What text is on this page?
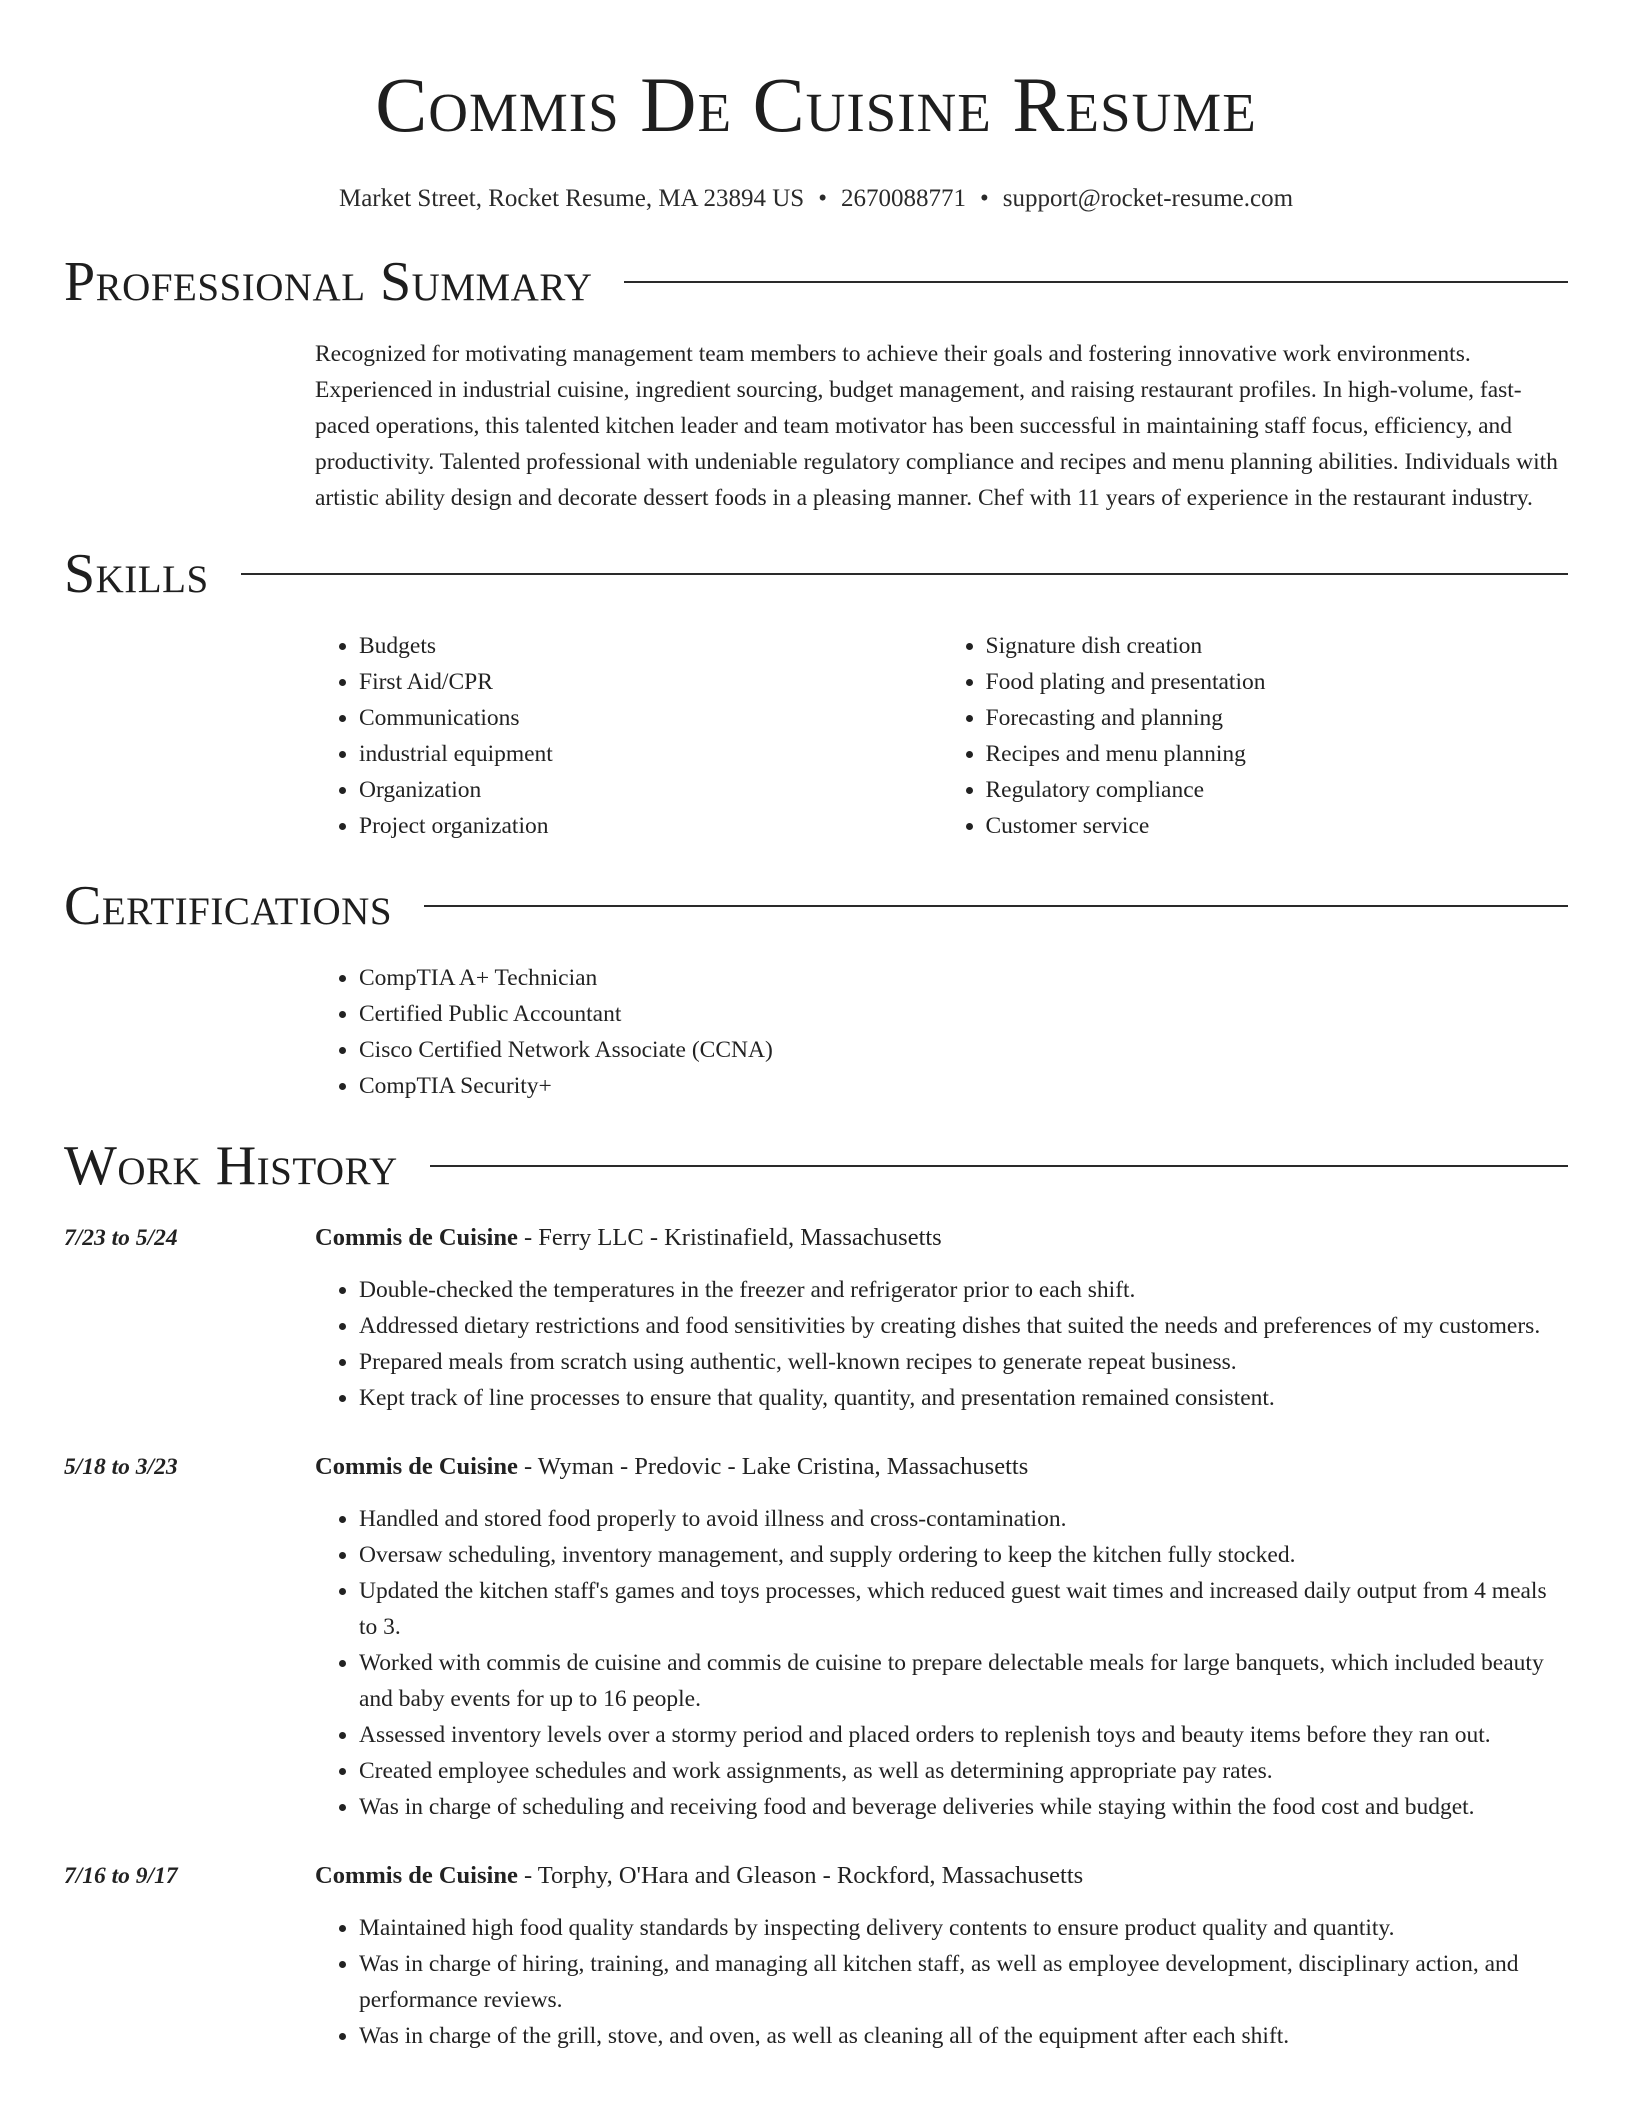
Commis De Cuisine Resume
Market Street, Rocket Resume, MA 23894 US • 2670088771 • support@rocket-resume.com
Professional Summary
Recognized for motivating management team members to achieve their goals and fostering innovative work environments. Experienced in industrial cuisine, ingredient sourcing, budget management, and raising restaurant profiles. In high-volume, fast-paced operations, this talented kitchen leader and team motivator has been successful in maintaining staff focus, efficiency, and productivity. Talented professional with undeniable regulatory compliance and recipes and menu planning abilities. Individuals with artistic ability design and decorate dessert foods in a pleasing manner. Chef with 11 years of experience in the restaurant industry.
Skills
• Budgets
• First Aid/CPR
• Communications
• industrial equipment
• Organization
• Project organization
• Signature dish creation
• Food plating and presentation
• Forecasting and planning
• Recipes and menu planning
• Regulatory compliance
• Customer service
Certifications
• CompTIA A+ Technician
• Certified Public Accountant
• Cisco Certified Network Associate (CCNA)
• CompTIA Security+
Work History
7/23 to 5/24	Commis de Cuisine - Ferry LLC - Kristinafield, Massachusetts
• Double-checked the temperatures in the freezer and refrigerator prior to each shift.
• Addressed dietary restrictions and food sensitivities by creating dishes that suited the needs and preferences of my customers.
• Prepared meals from scratch using authentic, well-known recipes to generate repeat business.
• Kept track of line processes to ensure that quality, quantity, and presentation remained consistent.
5/18 to 3/23	Commis de Cuisine - Wyman - Predovic - Lake Cristina, Massachusetts
• Handled and stored food properly to avoid illness and cross-contamination.
• Oversaw scheduling, inventory management, and supply ordering to keep the kitchen fully stocked.
• Updated the kitchen staff's games and toys processes, which reduced guest wait times and increased daily output from 4 meals to 3.
• Worked with commis de cuisine and commis de cuisine to prepare delectable meals for large banquets, which included beauty and baby events for up to 16 people.
• Assessed inventory levels over a stormy period and placed orders to replenish toys and beauty items before they ran out.
• Created employee schedules and work assignments, as well as determining appropriate pay rates.
• Was in charge of scheduling and receiving food and beverage deliveries while staying within the food cost and budget.
7/16 to 9/17	Commis de Cuisine - Torphy, O'Hara and Gleason - Rockford, Massachusetts
• Maintained high food quality standards by inspecting delivery contents to ensure product quality and quantity.
• Was in charge of hiring, training, and managing all kitchen staff, as well as employee development, disciplinary action, and performance reviews.
• Was in charge of the grill, stove, and oven, as well as cleaning all of the equipment after each shift.
